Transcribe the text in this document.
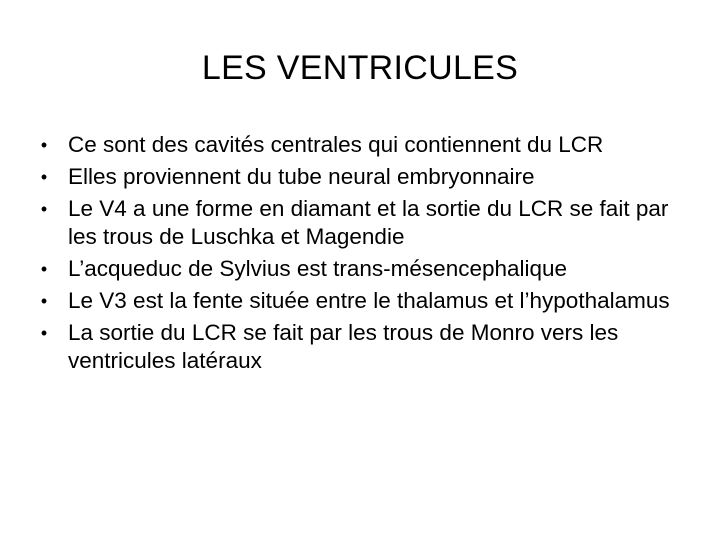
LES VENTRICULES
• Ce sont des cavités centrales qui contiennent du LCR
• Elles proviennent du tube neural embryonnaire
• Le V4 a une forme en diamant et la sortie du LCR se fait par les trous de Luschka et Magendie
• L’acqueduc de Sylvius est trans-mésencephalique
• Le V3 est la fente située entre le thalamus et l’hypothalamus
• La sortie du LCR se fait par les trous de Monro vers les ventricules latéraux
